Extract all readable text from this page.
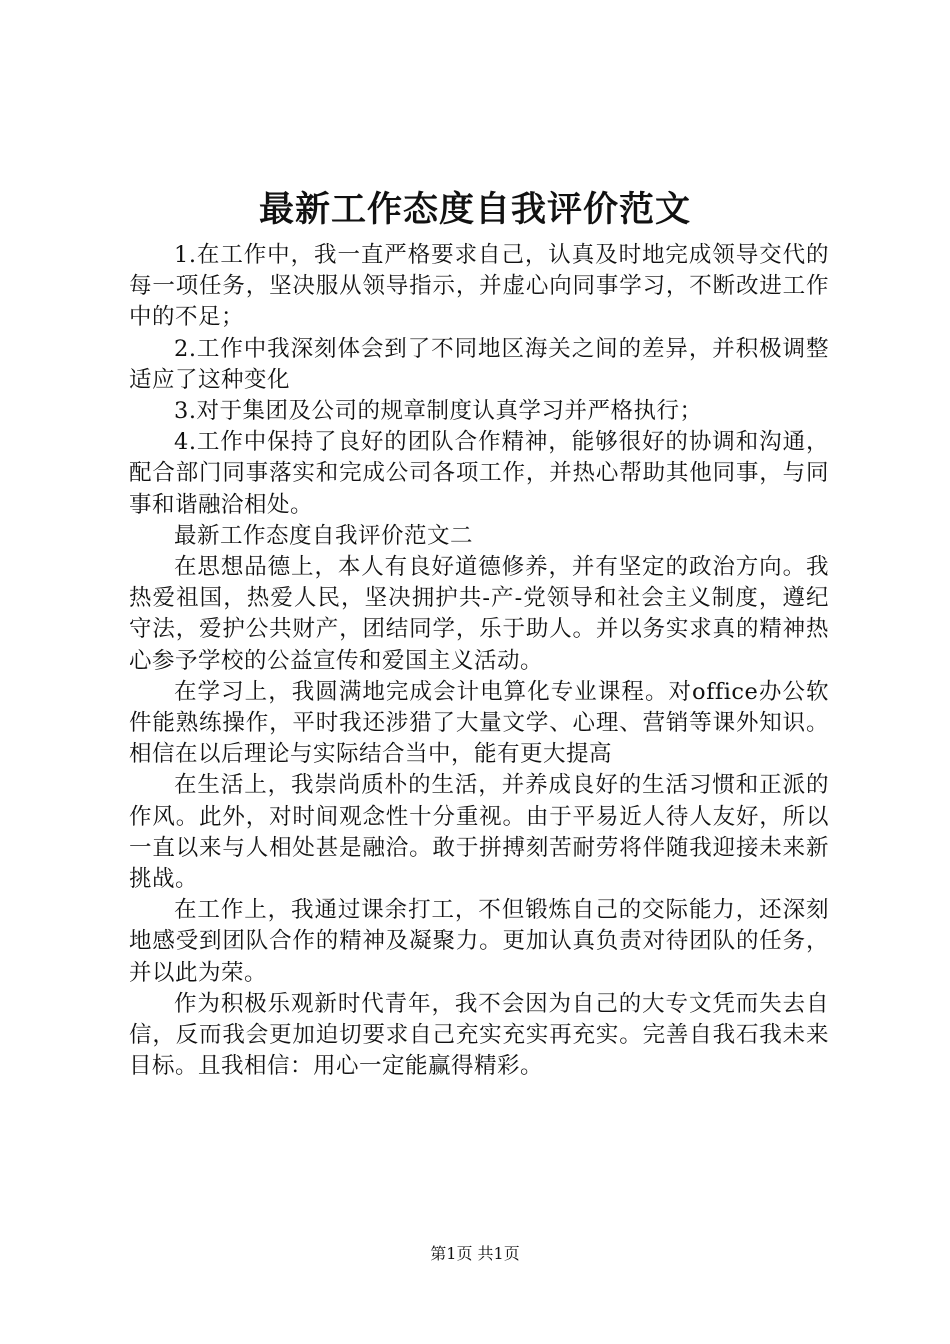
最新工作态度自我评价范文

1.在工作中，我一直严格要求自己，认真及时地完成领导交代的每一项任务，坚决服从领导指示，并虚心向同事学习，不断改进工作中的不足；

2.工作中我深刻体会到了不同地区海关之间的差异，并积极调整适应了这种变化

3.对于集团及公司的规章制度认真学习并严格执行；

4.工作中保持了良好的团队合作精神，能够很好的协调和沟通，配合部门同事落实和完成公司各项工作，并热心帮助其他同事，与同事和谐融洽相处。

最新工作态度自我评价范文二

在思想品德上，本人有良好道德修养，并有坚定的政治方向。我热爱祖国，热爱人民，坚决拥护共-产-党领导和社会主义制度，遵纪守法，爱护公共财产，团结同学，乐于助人。并以务实求真的精神热心参予学校的公益宣传和爱国主义活动。

在学习上，我圆满地完成会计电算化专业课程。对office办公软件能熟练操作，平时我还涉猎了大量文学、心理、营销等课外知识。相信在以后理论与实际结合当中，能有更大提高

在生活上，我崇尚质朴的生活，并养成良好的生活习惯和正派的作风。此外，对时间观念性十分重视。由于平易近人待人友好，所以一直以来与人相处甚是融洽。敢于拼搏刻苦耐劳将伴随我迎接未来新挑战。

在工作上，我通过课余打工，不但锻炼自己的交际能力，还深刻地感受到团队合作的精神及凝聚力。更加认真负责对待团队的任务，并以此为荣。

作为积极乐观新时代青年，我不会因为自己的大专文凭而失去自信，反而我会更加迫切要求自己充实充实再充实。完善自我石我未来目标。且我相信：用心一定能赢得精彩。

第1页 共1页
